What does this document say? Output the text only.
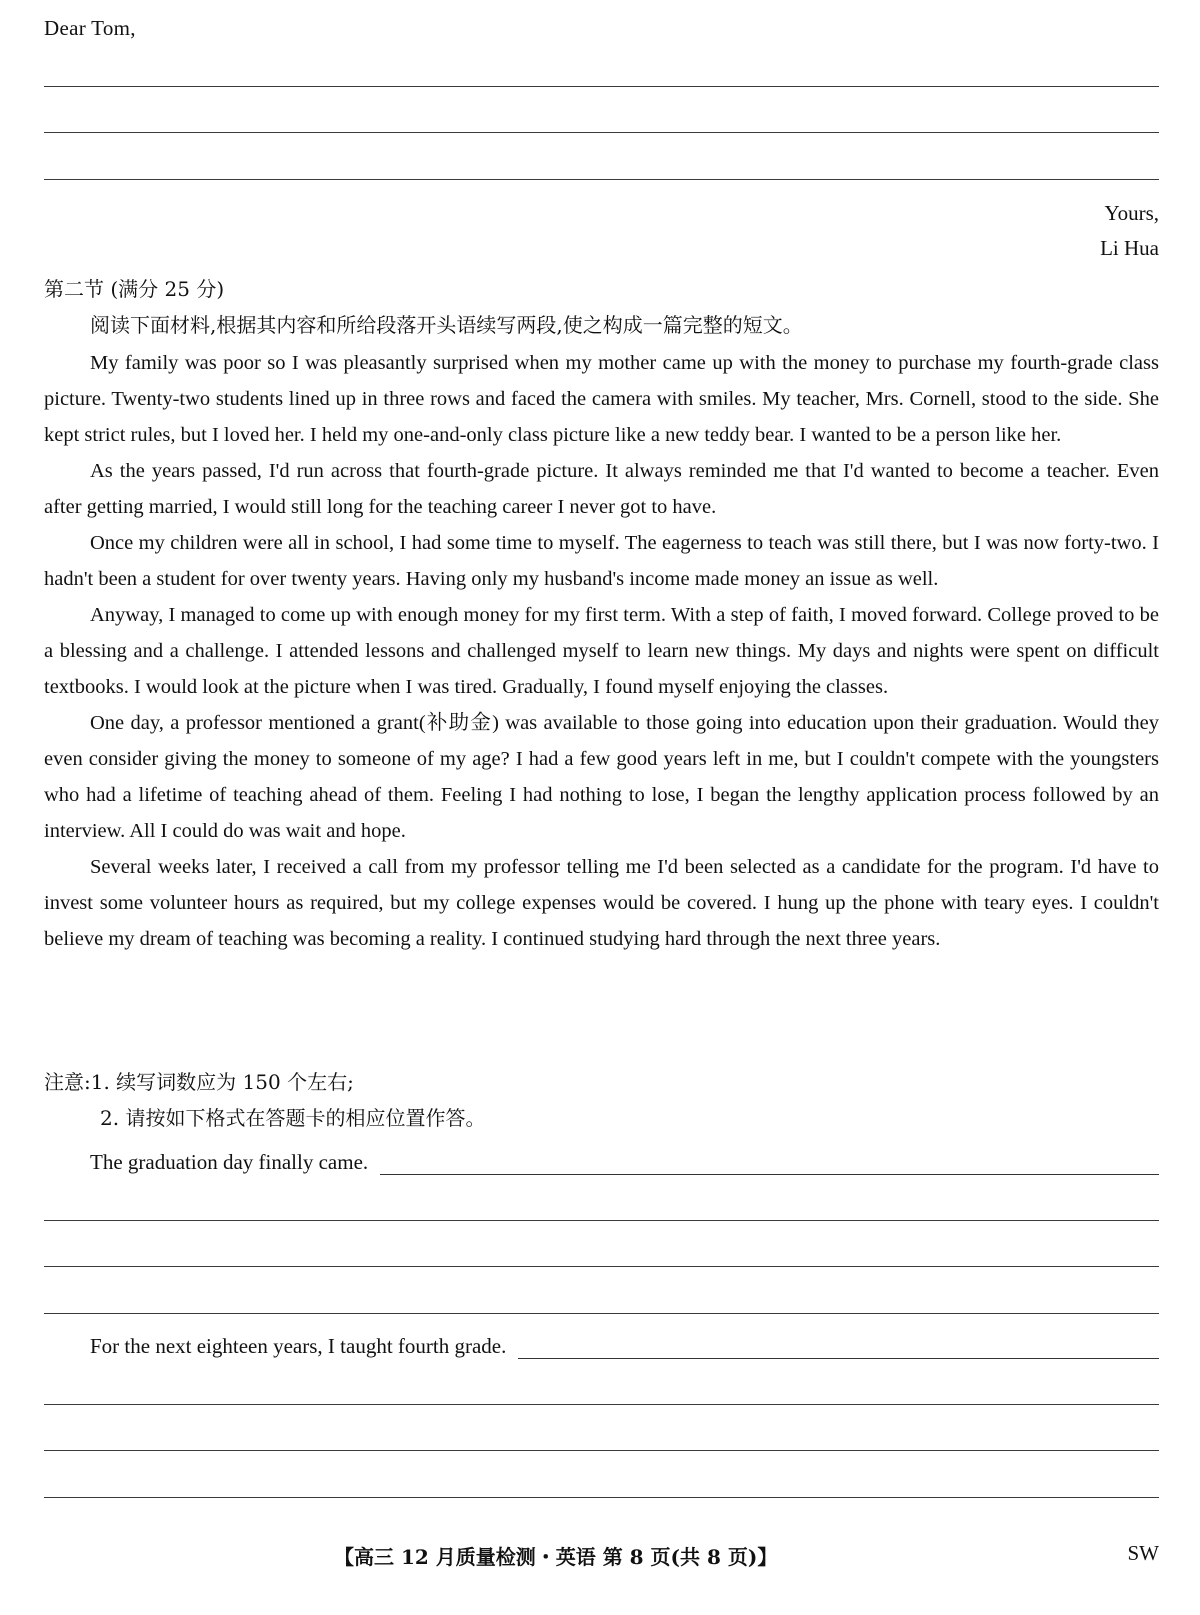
Dear Tom,
Yours,
Li Hua
第二节 (满分 25 分)
阅读下面材料,根据其内容和所给段落开头语续写两段,使之构成一篇完整的短文。

My family was poor so I was pleasantly surprised when my mother came up with the money to purchase my fourth-grade class picture. Twenty-two students lined up in three rows and faced the camera with smiles. My teacher, Mrs. Cornell, stood to the side. She kept strict rules, but I loved her. I held my one-and-only class picture like a new teddy bear. I wanted to be a person like her.

As the years passed, I'd run across that fourth-grade picture. It always reminded me that I'd wanted to become a teacher. Even after getting married, I would still long for the teaching career I never got to have.

Once my children were all in school, I had some time to myself. The eagerness to teach was still there, but I was now forty-two. I hadn't been a student for over twenty years. Having only my husband's income made money an issue as well.

Anyway, I managed to come up with enough money for my first term. With a step of faith, I moved forward. College proved to be a blessing and a challenge. I attended lessons and challenged myself to learn new things. My days and nights were spent on difficult textbooks. I would look at the picture when I was tired. Gradually, I found myself enjoying the classes.

One day, a professor mentioned a grant(补助金) was available to those going into education upon their graduation. Would they even consider giving the money to someone of my age? I had a few good years left in me, but I couldn't compete with the youngsters who had a lifetime of teaching ahead of them. Feeling I had nothing to lose, I began the lengthy application process followed by an interview. All I could do was wait and hope.

Several weeks later, I received a call from my professor telling me I'd been selected as a candidate for the program. I'd have to invest some volunteer hours as required, but my college expenses would be covered. I hung up the phone with teary eyes. I couldn't believe my dream of teaching was becoming a reality. I continued studying hard through the next three years.

注意:1. 续写词数应为 150 个左右;
2. 请按如下格式在答题卡的相应位置作答。
The graduation day finally came.
For the next eighteen years, I taught fourth grade.
【高三 12 月质量检测・英语 第 8 页(共 8 页)】	SW
